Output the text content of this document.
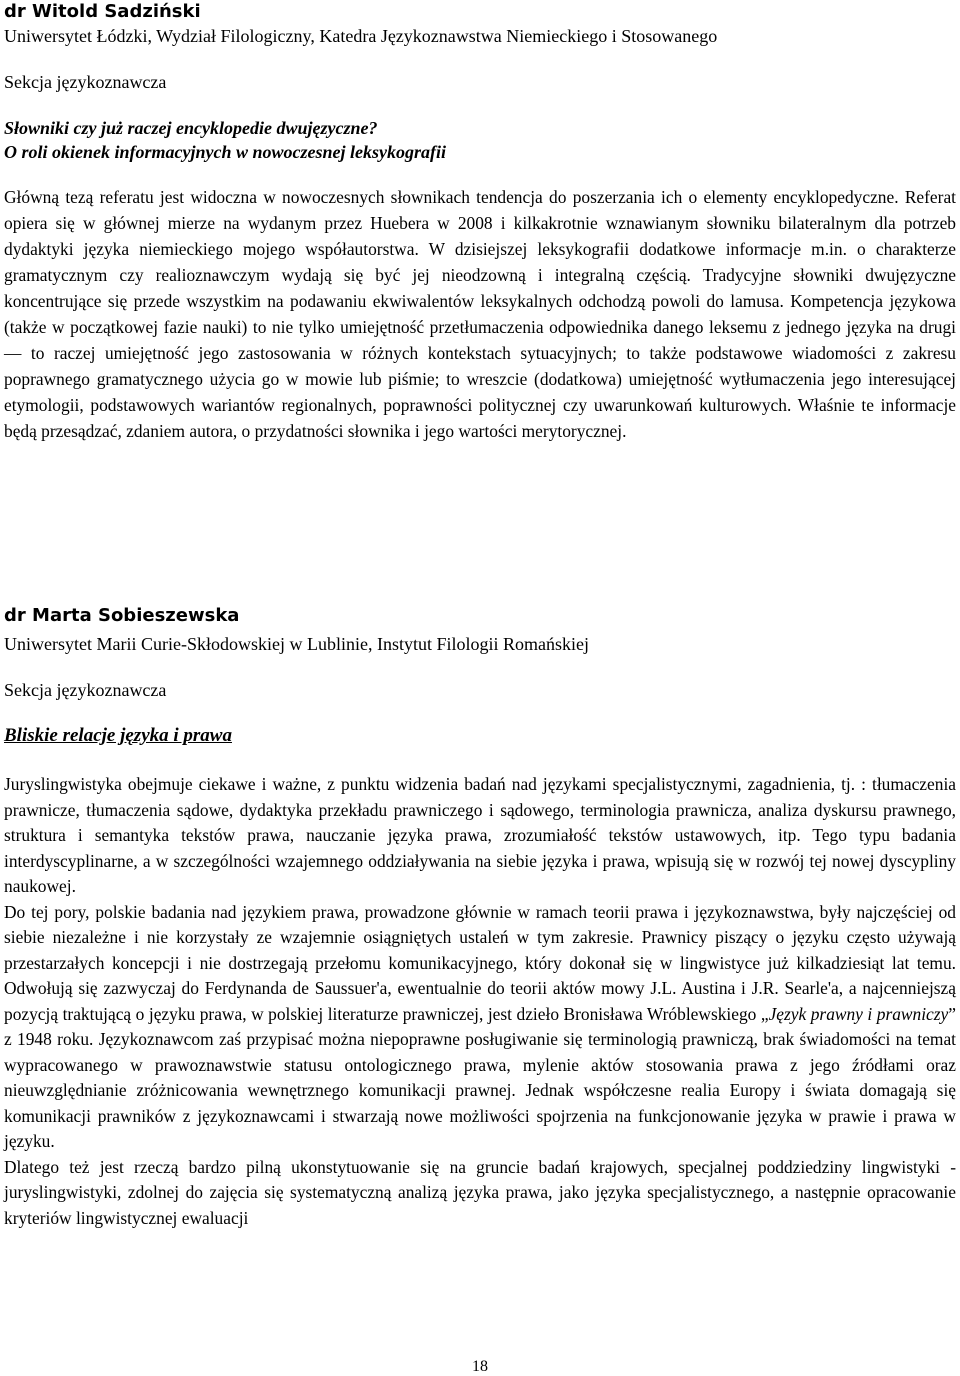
dr Witold Sadziński

Uniwersytet Łódzki, Wydział Filologiczny, Katedra Językoznawstwa Niemieckiego i Stosowanego

Sekcja językoznawcza

Słowniki czy już raczej encyklopedie dwujęzyczne?

O roli okienek informacyjnych w nowoczesnej leksykografii

Główną tezą referatu jest widoczna w nowoczesnych słownikach tendencja do poszerzania ich o elementy encyklopedyczne. Referat opiera się w głównej mierze na wydanym przez Huebera w 2008 i kilkakrotnie wznawianym słowniku bilateralnym dla potrzeb dydaktyki języka niemieckiego mojego współautorstwa. W dzisiejszej leksykografii dodatkowe informacje m.in. o charakterze gramatycznym czy realioznawczym wydają się być jej nieodzowną i integralną częścią. Tradycyjne słowniki dwujęzyczne koncentrujące się przede wszystkim na podawaniu ekwiwalentów leksykalnych odchodzą powoli do lamusa. Kompetencja językowa (także w początkowej fazie nauki) to nie tylko umiejętność przetłumaczenia odpowiednika danego leksemu z jednego języka na drugi — to raczej umiejętność jego zastosowania w różnych kontekstach sytuacyjnych; to także podstawowe wiadomości z zakresu poprawnego gramatycznego użycia go w mowie lub piśmie; to wreszcie (dodatkowa) umiejętność wytłumaczenia jego interesującej etymologii, podstawowych wariantów regionalnych, poprawności politycznej czy uwarunkowań kulturowych. Właśnie te informacje będą przesądzać, zdaniem autora, o przydatności słownika i jego wartości merytorycznej.

dr Marta Sobieszewska

Uniwersytet Marii Curie-Skłodowskiej w Lublinie, Instytut Filologii Romańskiej

Sekcja językoznawcza

Bliskie relacje języka i prawa

Juryslingwistyka obejmuje ciekawe i ważne, z punktu widzenia badań nad językami specjalistycznymi, zagadnienia, tj. : tłumaczenia prawnicze, tłumaczenia sądowe, dydaktyka przekładu prawniczego i sądowego, terminologia prawnicza, analiza dyskursu prawnego, struktura i semantyka tekstów prawa, nauczanie języka prawa, zrozumiałość tekstów ustawowych, itp. Tego typu badania interdyscyplinarne, a w szczególności wzajemnego oddziaływania na siebie języka i prawa, wpisują się w rozwój tej nowej dyscypliny naukowej.

Do tej pory, polskie badania nad językiem prawa, prowadzone głównie w ramach teorii prawa i językoznawstwa, były najczęściej od siebie niezależne i nie korzystały ze wzajemnie osiągniętych ustaleń w tym zakresie. Prawnicy piszący o języku często używają przestarzałych koncepcji i nie dostrzegają przełomu komunikacyjnego, który dokonał się w lingwistyce już kilkadziesiąt lat temu. Odwołują się zazwyczaj do Ferdynanda de Saussuer'a, ewentualnie do teorii aktów mowy J.L. Austina i J.R. Searle'a, a najcenniejszą pozycją traktującą o języku prawa, w polskiej literaturze prawniczej, jest dzieło Bronisława Wróblewskiego „Język prawny i prawniczy” z 1948 roku. Językoznawcom zaś przypisać można niepoprawne posługiwanie się terminologią prawniczą, brak świadomości na temat wypracowanego w prawoznawstwie statusu ontologicznego prawa, mylenie aktów stosowania prawa z jego źródłami oraz nieuwzględnianie zróżnicowania wewnętrznego komunikacji prawnej. Jednak współczesne realia Europy i świata domagają się komunikacji prawników z językoznawcami i stwarzają nowe możliwości spojrzenia na funkcjonowanie języka w prawie i prawa w języku.

Dlatego też jest rzeczą bardzo pilną ukonstytuowanie się na gruncie badań krajowych, specjalnej poddziedziny lingwistyki - juryslingwistyki, zdolnej do zajęcia się systematyczną analizą języka prawa, jako języka specjalistycznego, a następnie opracowanie kryteriów lingwistycznej ewaluacji

18
